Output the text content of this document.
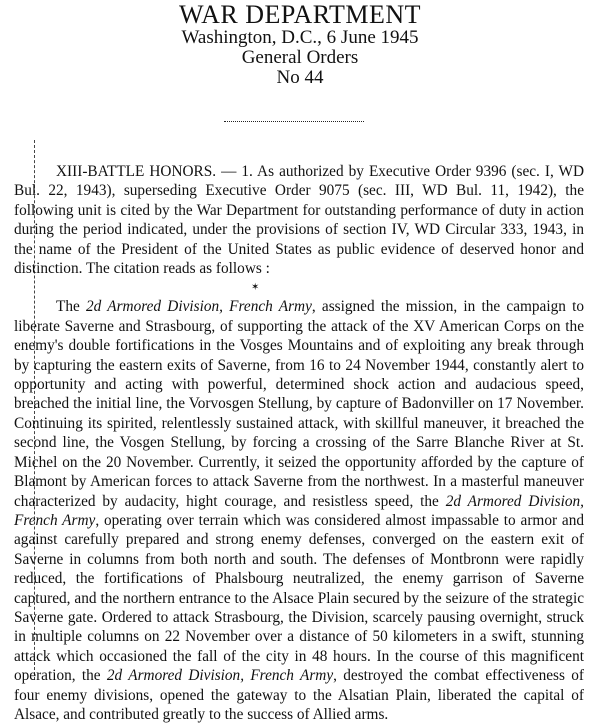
WAR DEPARTMENT
Washington, D.C., 6 June 1945
General Orders
No 44
✶

XIII-BATTLE HONORS. — 1. As authorized by Executive Order 9396 (sec. I, WD Bul. 22, 1943), superseding Executive Order 9075 (sec. III, WD Bul. 11, 1942), the following unit is cited by the War Department for outstanding performance of duty in action during the period indicated, under the provisions of section IV, WD Circular 333, 1943, in the name of the President of the United States as public evidence of deserved honor and distinction. The citation reads as follows :

The 2d Armored Division, French Army, assigned the mission, in the campaign to liberate Saverne and Strasbourg, of supporting the attack of the XV American Corps on the enemy's double fortifications in the Vosges Mountains and of exploiting any break through by capturing the eastern exits of Saverne, from 16 to 24 November 1944, constantly alert to opportunity and acting with powerful, determined shock action and audacious speed, breached the initial line, the Vorvosgen Stellung, by capture of Badonviller on 17 November. Continuing its spirited, relentlessly sustained attack, with skillful maneuver, it breached the second line, the Vosgen Stellung, by forcing a crossing of the Sarre Blanche River at St. Michel on the 20 November. Currently, it seized the opportunity afforded by the capture of Blamont by American forces to attack Saverne from the northwest. In a masterful maneuver characterized by audacity, hight courage, and resistless speed, the 2d Armored Division, French Army, operating over terrain which was considered almost impassable to armor and against carefully prepared and strong enemy defenses, converged on the eastern exit of Saverne in columns from both north and south. The defenses of Montbronn were rapidly reduced, the fortifications of Phalsbourg neutralized, the enemy garrison of Saverne captured, and the northern entrance to the Alsace Plain secured by the seizure of the strategic Saverne gate. Ordered to attack Strasbourg, the Division, scarcely pausing overnight, struck in multiple columns on 22 November over a distance of 50 kilometers in a swift, stunning attack which occasioned the fall of the city in 48 hours. In the course of this magnificent operation, the 2d Armored Division, French Army, destroyed the combat effectiveness of four enemy divisions, opened the gateway to the Alsatian Plain, liberated the capital of Alsace, and contributed greatly to the success of Allied arms.
